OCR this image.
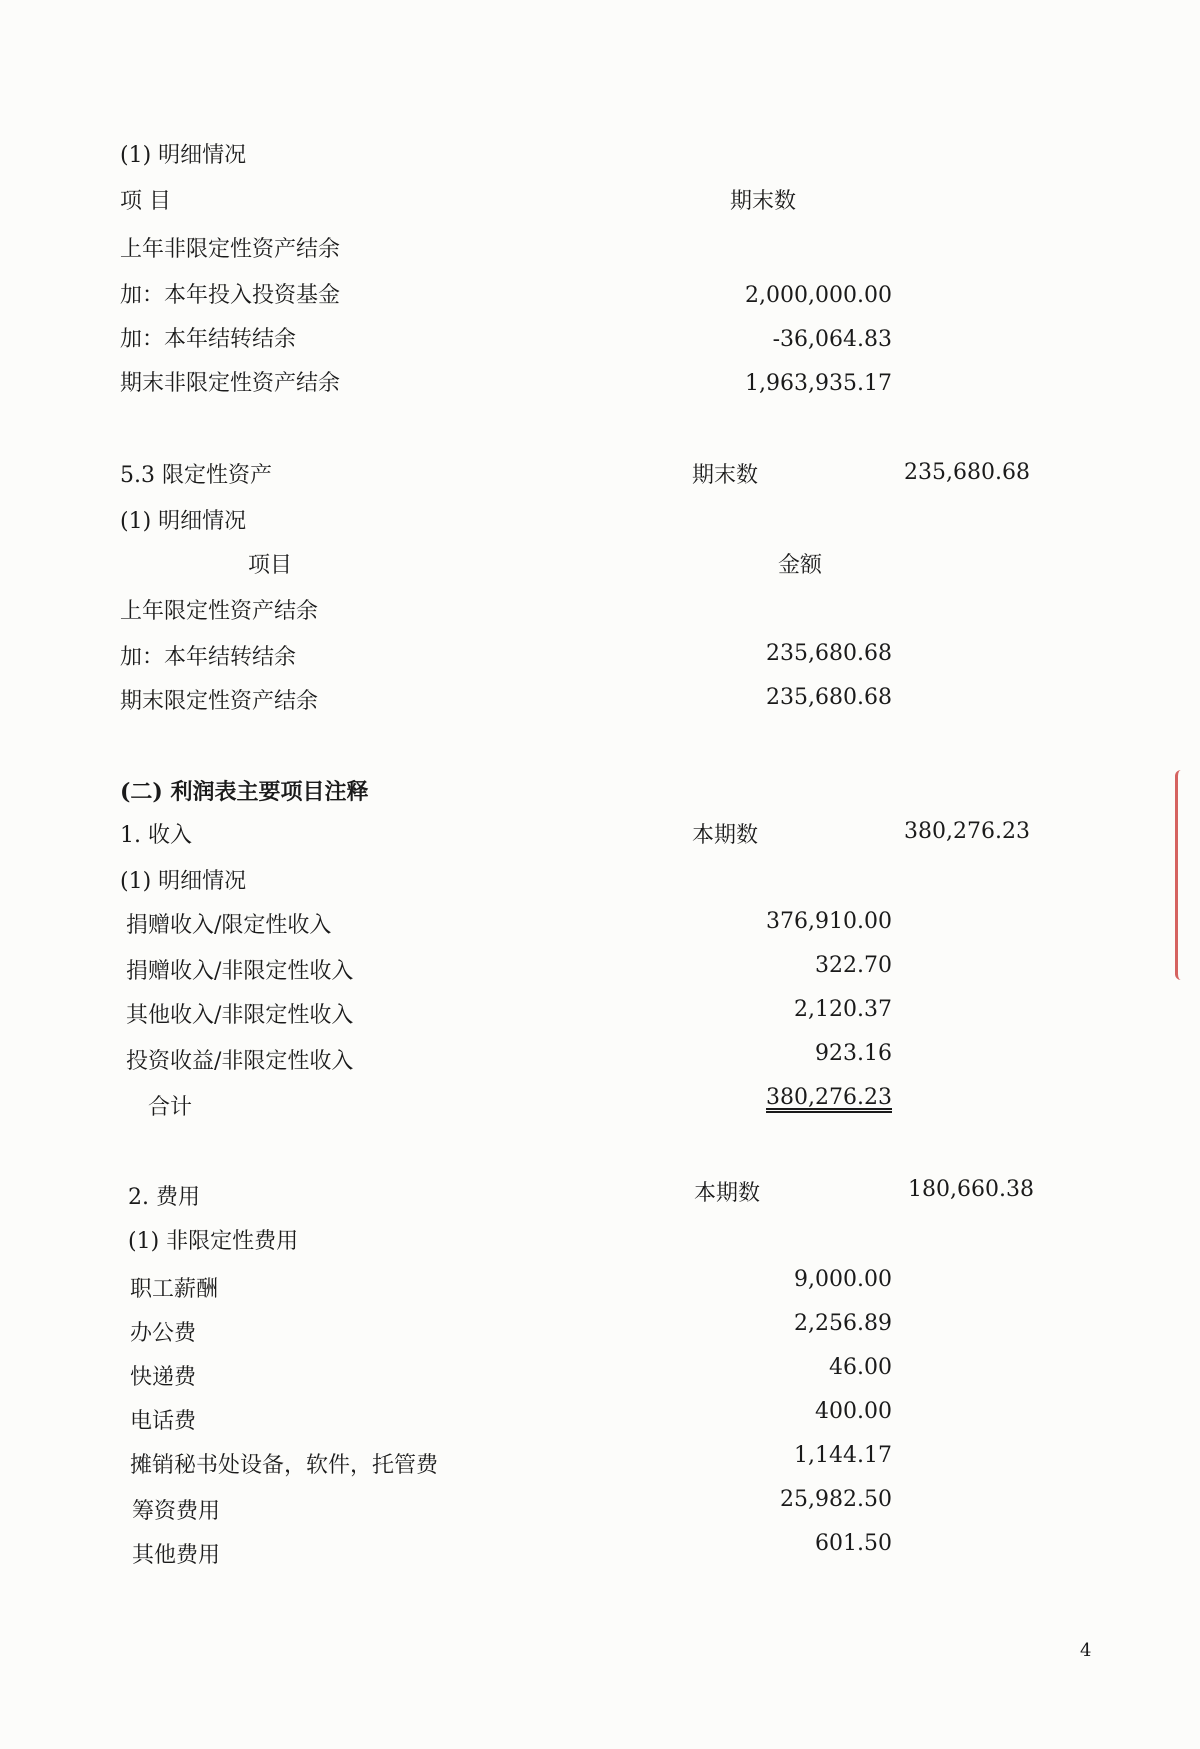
(1) 明细情况
项 目	期末数
上年非限定性资产结余
加：本年投入投资基金	2,000,000.00
加：本年结转结余	-36,064.83
期末非限定性资产结余	1,963,935.17
5.3 限定性资产	期末数	235,680.68
(1) 明细情况
项目	金额
上年限定性资产结余
加：本年结转结余	235,680.68
期末限定性资产结余	235,680.68
(二) 利润表主要项目注释
1. 收入	本期数	380,276.23
(1) 明细情况
捐赠收入/限定性收入	376,910.00
捐赠收入/非限定性收入	322.70
其他收入/非限定性收入	2,120.37
投资收益/非限定性收入	923.16
合计	380,276.23
2. 费用	本期数	180,660.38
(1) 非限定性费用
职工薪酬	9,000.00
办公费	2,256.89
快递费	46.00
电话费	400.00
摊销秘书处设备，软件，托管费	1,144.17
筹资费用	25,982.50
其他费用	601.50
4
